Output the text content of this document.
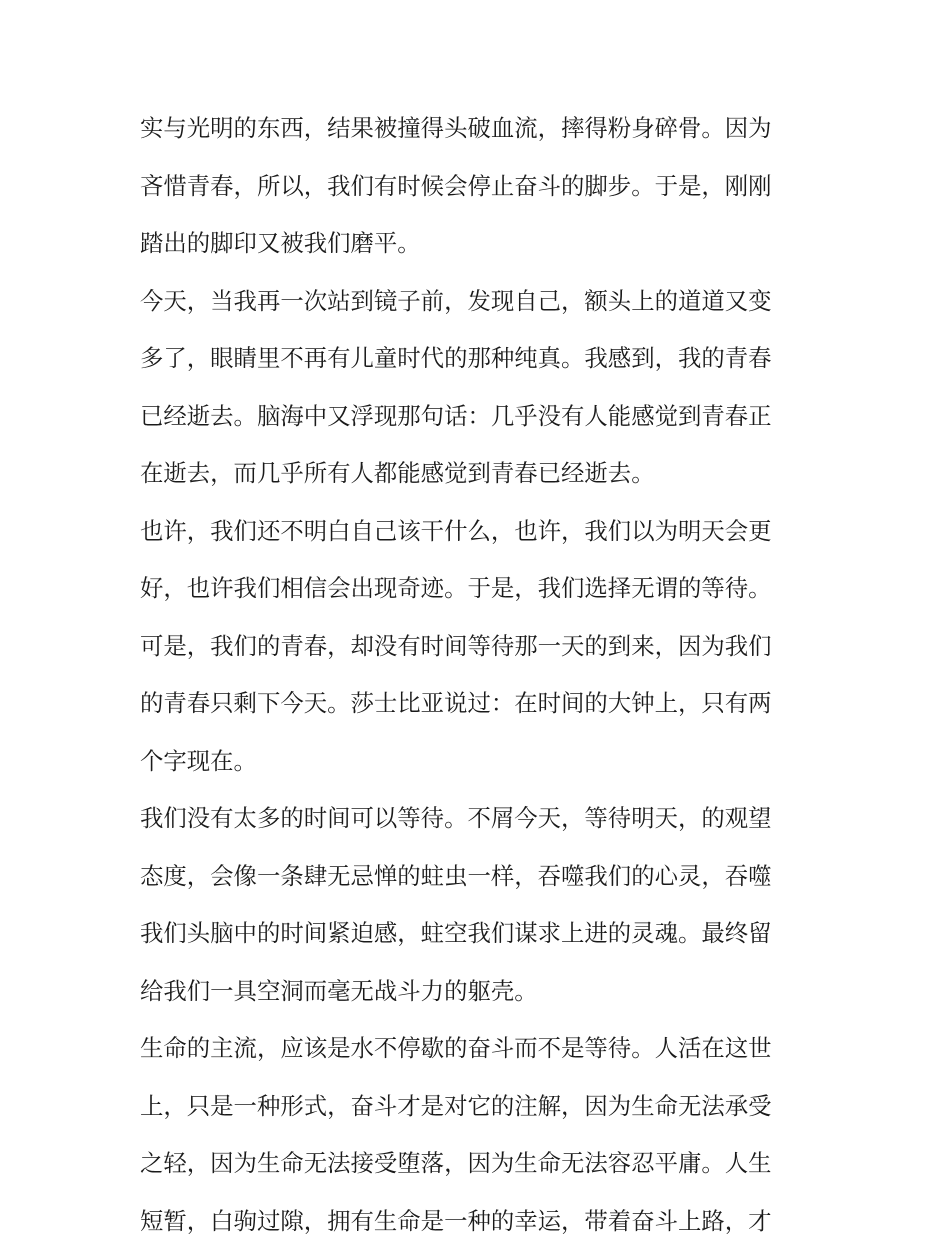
实与光明的东西，结果被撞得头破血流，摔得粉身碎骨。因为
吝惜青春，所以，我们有时候会停止奋斗的脚步。于是，刚刚
踏出的脚印又被我们磨平。
今天，当我再一次站到镜子前，发现自己，额头上的道道又变
多了，眼睛里不再有儿童时代的那种纯真。我感到，我的青春
已经逝去。脑海中又浮现那句话：几乎没有人能感觉到青春正
在逝去，而几乎所有人都能感觉到青春已经逝去。
也许，我们还不明白自己该干什么，也许，我们以为明天会更
好，也许我们相信会出现奇迹。于是，我们选择无谓的等待。
可是，我们的青春，却没有时间等待那一天的到来，因为我们
的青春只剩下今天。莎士比亚说过：在时间的大钟上，只有两
个字现在。
我们没有太多的时间可以等待。不屑今天，等待明天，的观望
态度，会像一条肆无忌惮的蛀虫一样，吞噬我们的心灵，吞噬
我们头脑中的时间紧迫感，蛀空我们谋求上进的灵魂。最终留
给我们一具空洞而毫无战斗力的躯壳。
生命的主流，应该是水不停歇的奋斗而不是等待。人活在这世
上，只是一种形式，奋斗才是对它的注解，因为生命无法承受
之轻，因为生命无法接受堕落，因为生命无法容忍平庸。人生
短暂，白驹过隙，拥有生命是一种的幸运，带着奋斗上路，才
